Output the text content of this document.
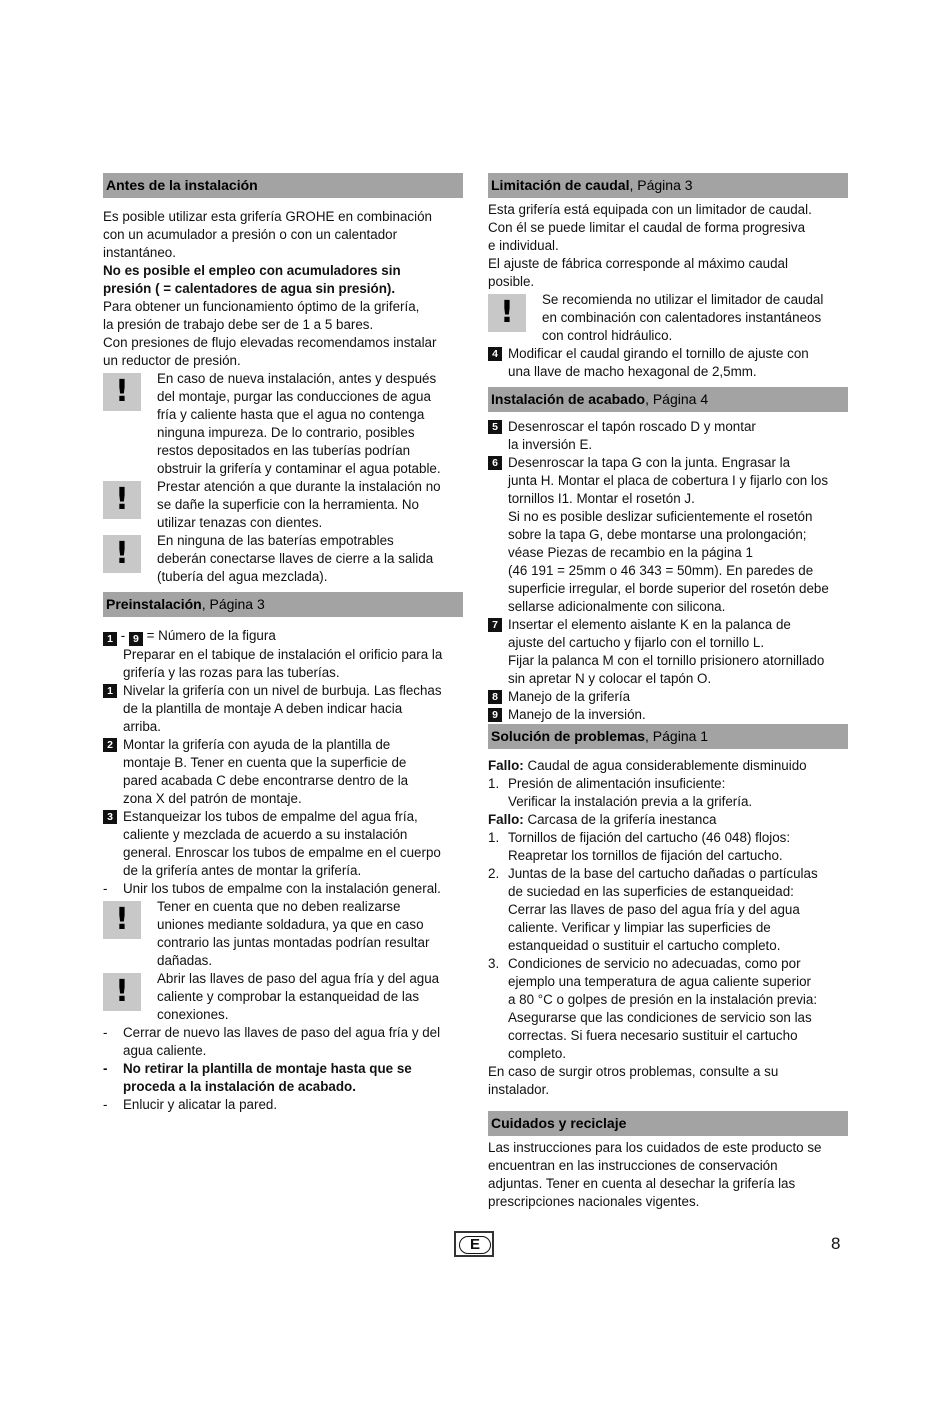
Antes de la instalación

Es posible utilizar esta grifería GROHE en combinación

con un acumulador a presión o con un calentador

instantáneo.

No es posible el empleo con acumuladores sin

presión ( = calentadores de agua sin presión).

Para obtener un funcionamiento óptimo de la grifería,

la presión de trabajo debe ser de 1 a 5 bares.

Con presiones de flujo elevadas recomendamos instalar

un reductor de presión.

!	En caso de nueva instalación, antes y después

del montaje, purgar las conducciones de agua

fría y caliente hasta que el agua no contenga

ninguna impureza. De lo contrario, posibles

restos depositados en las tuberías podrían

obstruir la grifería y contaminar el agua potable.

!	Prestar atención a que durante la instalación no

se dañe la superficie con la herramienta. No

utilizar tenazas con dientes.

!	En ninguna de las baterías empotrables

deberán conectarse llaves de cierre a la salida

(tubería del agua mezclada).

Preinstalación, Página 3

1 - 9 = Número de la figura

Preparar en el tabique de instalación el orificio para la

grifería y las rozas para las tuberías.

1 Nivelar la grifería con un nivel de burbuja. Las flechas

de la plantilla de montaje A deben indicar hacia

arriba.

2 Montar la grifería con ayuda de la plantilla de

montaje B. Tener en cuenta que la superficie de

pared acabada C debe encontrarse dentro de la

zona X del patrón de montaje.

3 Estanqueizar los tubos de empalme del agua fría,

caliente y mezclada de acuerdo a su instalación

general. Enroscar los tubos de empalme en el cuerpo

de la grifería antes de montar la grifería.

- Unir los tubos de empalme con la instalación general.

!	Tener en cuenta que no deben realizarse

uniones mediante soldadura, ya que en caso

contrario las juntas montadas podrían resultar

dañadas.

!	Abrir las llaves de paso del agua fría y del agua

caliente y comprobar la estanqueidad de las

conexiones.

- Cerrar de nuevo las llaves de paso del agua fría y del

agua caliente.

- No retirar la plantilla de montaje hasta que se

proceda a la instalación de acabado.

- Enlucir y alicatar la pared.

Limitación de caudal, Página 3

Esta grifería está equipada con un limitador de caudal.

Con él se puede limitar el caudal de forma progresiva

e individual.

El ajuste de fábrica corresponde al máximo caudal

posible.

!	Se recomienda no utilizar el limitador de caudal

en combinación con calentadores instantáneos

con control hidráulico.

4 Modificar el caudal girando el tornillo de ajuste con

una llave de macho hexagonal de 2,5mm.

Instalación de acabado, Página 4
5 Desenroscar el tapón roscado D y montar

la inversión E.

6 Desenroscar la tapa G con la junta. Engrasar la

junta H. Montar el placa de cobertura I y fijarlo con los

tornillos I1. Montar el rosetón J.

Si no es posible deslizar suficientemente el rosetón

sobre la tapa G, debe montarse una prolongación;

véase Piezas de recambio en la página 1

(46 191 = 25mm o 46 343 = 50mm). En paredes de

superficie irregular, el borde superior del rosetón debe

sellarse adicionalmente con silicona.

7 Insertar el elemento aislante K en la palanca de

ajuste del cartucho y fijarlo con el tornillo L.

Fijar la palanca M con el tornillo prisionero atornillado

sin apretar N y colocar el tapón O.

8 Manejo de la grifería

9 Manejo de la inversión.

Solución de problemas, Página 1

Fallo: Caudal de agua considerablemente disminuido

1. Presión de alimentación insuficiente:

Verificar la instalación previa a la grifería.

Fallo: Carcasa de la grifería inestanca

1. Tornillos de fijación del cartucho (46 048) flojos:

Reapretar los tornillos de fijación del cartucho.

2. Juntas de la base del cartucho dañadas o partículas

de suciedad en las superficies de estanqueidad:

Cerrar las llaves de paso del agua fría y del agua

caliente. Verificar y limpiar las superficies de

estanqueidad o sustituir el cartucho completo.

3. Condiciones de servicio no adecuadas, como por

ejemplo una temperatura de agua caliente superior

a 80 °C o golpes de presión en la instalación previa:

Asegurarse que las condiciones de servicio son las

correctas. Si fuera necesario sustituir el cartucho

completo.

En caso de surgir otros problemas, consulte a su

instalador.

Cuidados y reciclaje

Las instrucciones para los cuidados de este producto se

encuentran en las instrucciones de conservación

adjuntas. Tener en cuenta al desechar la grifería las

prescripciones nacionales vigentes.

E	8
